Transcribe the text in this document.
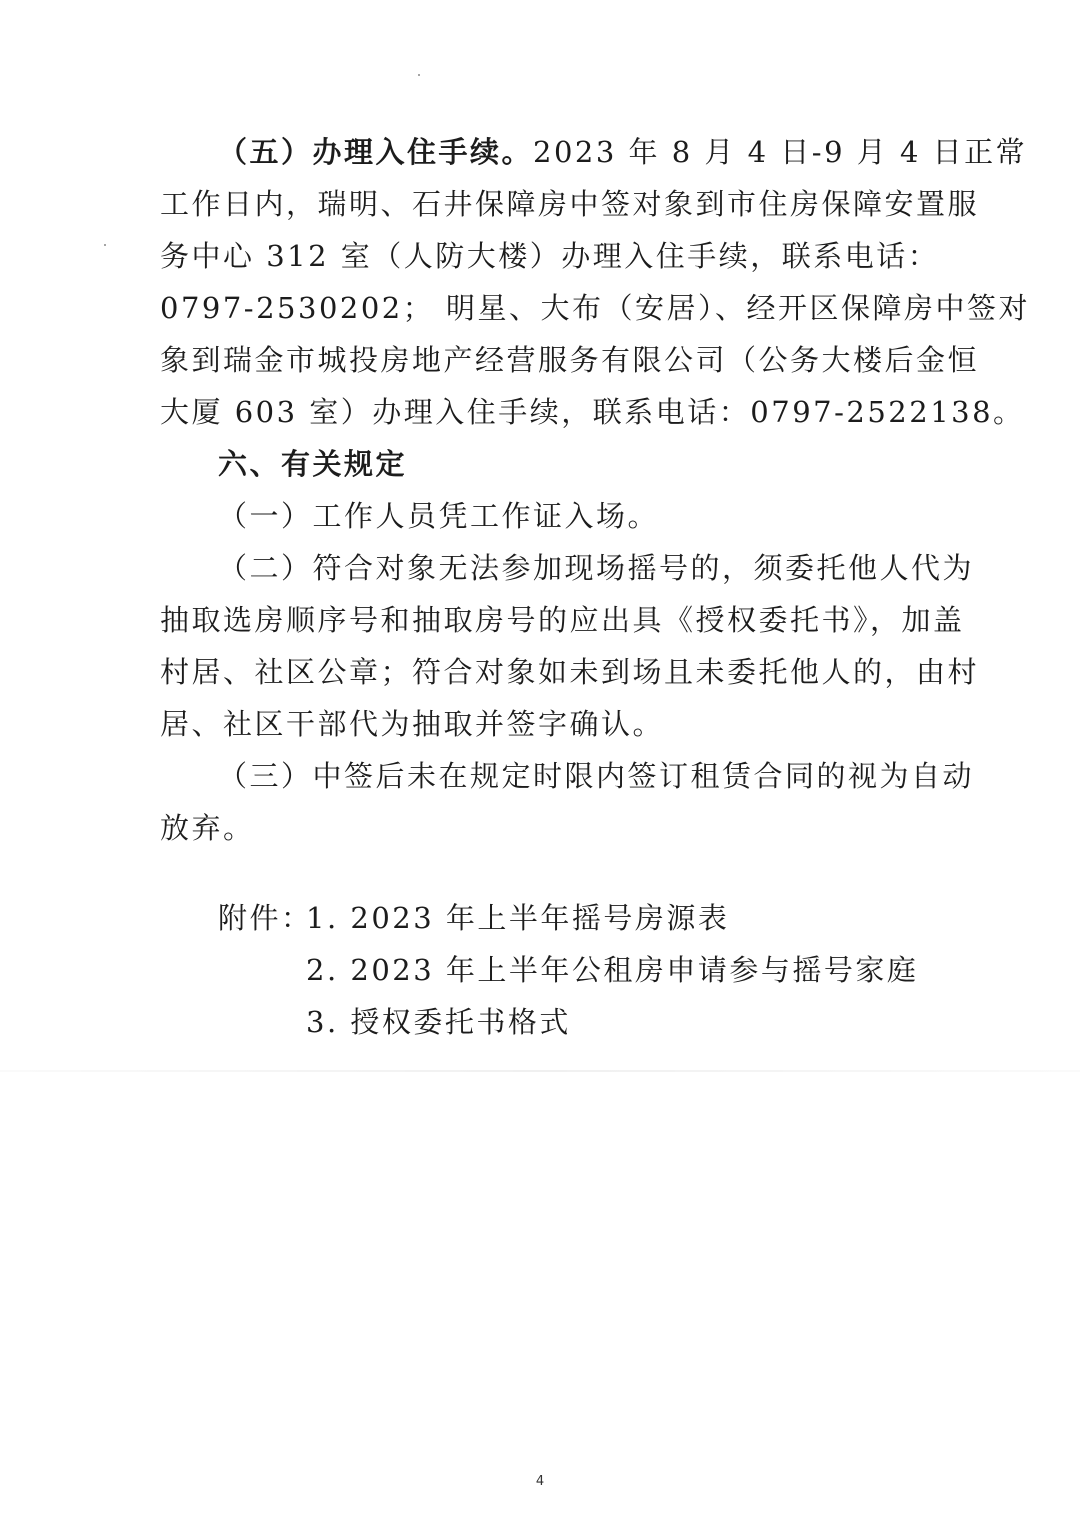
（五）办理入住手续。2023 年 8 月 4 日-9 月 4 日正常
工作日内，瑞明、石井保障房中签对象到市住房保障安置服
务中心 312 室（人防大楼）办理入住手续，联系电话：
0797-2530202； 明星、大布（安居）、经开区保障房中签对
象到瑞金市城投房地产经营服务有限公司（公务大楼后金恒
大厦 603 室）办理入住手续，联系电话：0797-2522138。
六、有关规定
（一）工作人员凭工作证入场。
（二）符合对象无法参加现场摇号的，须委托他人代为
抽取选房顺序号和抽取房号的应出具《授权委托书》，加盖
村居、社区公章；符合对象如未到场且未委托他人的，由村
居、社区干部代为抽取并签字确认。
（三）中签后未在规定时限内签订租赁合同的视为自动
放弃。
附件：
1. 2023 年上半年摇号房源表
2. 2023 年上半年公租房申请参与摇号家庭
3. 授权委托书格式
4
